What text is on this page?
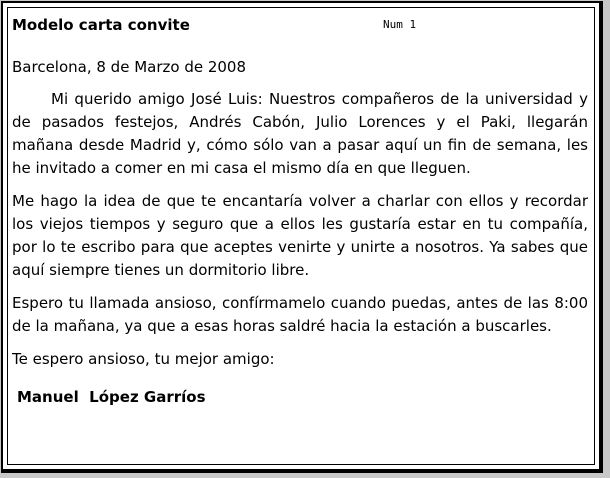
Modelo carta convite	Num 1
Barcelona, 8 de Marzo de 2008

Mi querido amigo José Luis: Nuestros compañeros de la universidad y de pasados festejos, Andrés Cabón, Julio Lorences y el Paki, llegarán mañana desde Madrid y, cómo sólo van a pasar aquí un fin de semana, les he invitado a comer en mi casa el mismo día en que lleguen.

Me hago la idea de que te encantaría volver a charlar con ellos y recordar los viejos tiempos y seguro que a ellos les gustaría estar en tu compañía, por lo te escribo para que aceptes venirte y unirte a nosotros. Ya sabes que aquí siempre tienes un dormitorio libre.

Espero tu llamada ansioso, confírmamelo cuando puedas, antes de las 8:00 de la mañana, ya que a esas horas saldré hacia la estación a buscarles.

Te espero ansioso, tu mejor amigo:
Manuel  López Garríos
